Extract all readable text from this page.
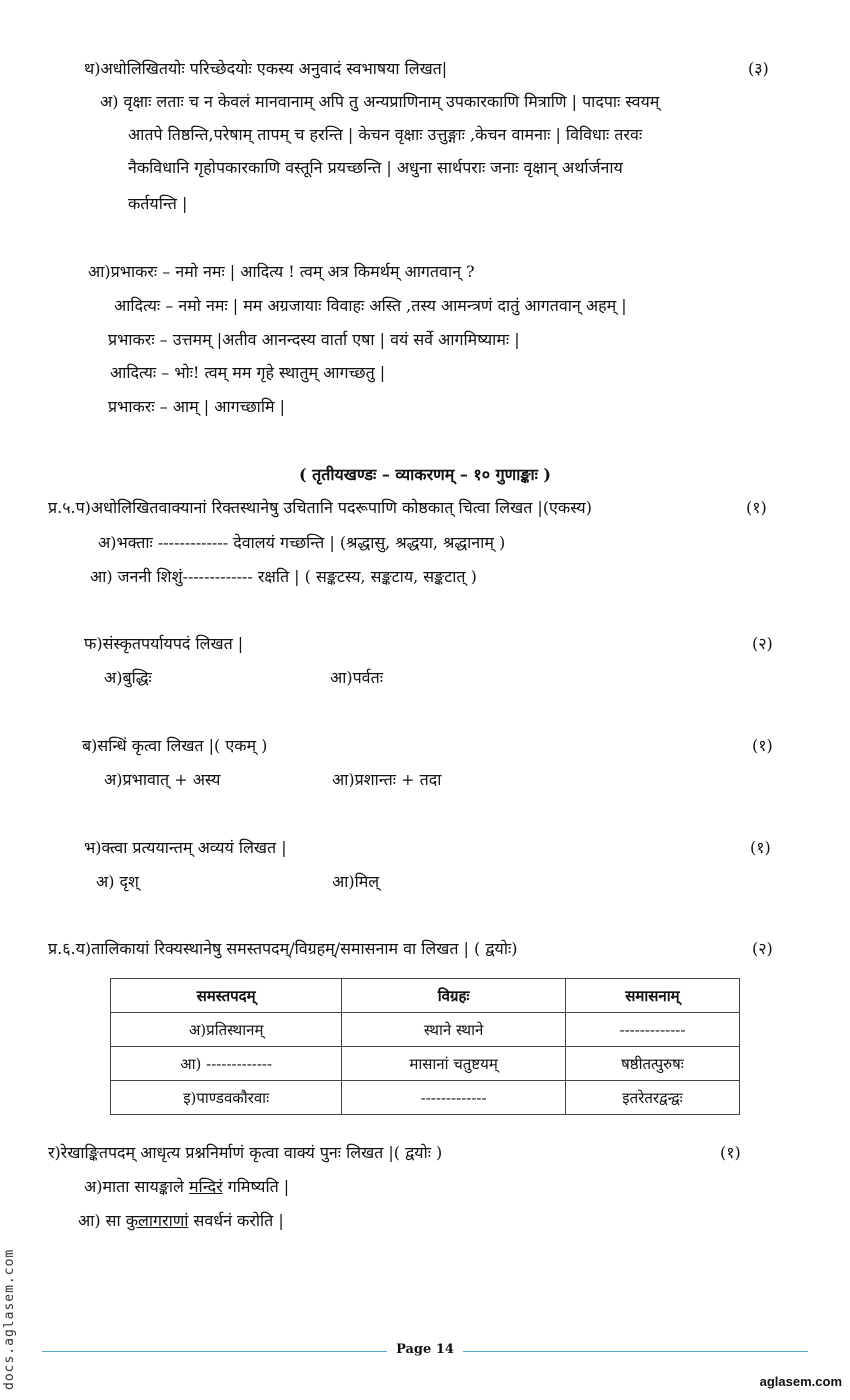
थ)अधोलिखितयोः परिच्छेदयोः एकस्य अनुवादं स्वभाषया लिखत|	(३)
अ) वृक्षाः लताः च न केवलं मानवानाम् अपि तु अन्यप्राणिनाम् उपकारकाणि मित्राणि | पादपाः स्वयम्
आतपे तिष्ठन्ति,परेषाम् तापम् च हरन्ति | केचन वृक्षाः उत्तुङ्गाः ,केचन वामनाः | विविधाः तरवः
नैकविधानि गृहोपकारकाणि वस्तूनि प्रयच्छन्ति | अधुना सार्थपराः जनाः वृक्षान् अर्थार्जनाय
कर्तयन्ति |
आ)प्रभाकरः – नमो नमः | आदित्य ! त्वम् अत्र किमर्थम् आगतवान् ?
आदित्यः – नमो नमः | मम अग्रजायाः विवाहः अस्ति ,तस्य आमन्त्रणं दातुं आगतवान् अहम् |
प्रभाकरः – उत्तमम् |अतीव आनन्दस्य वार्ता एषा | वयं सर्वे आगमिष्यामः |
आदित्यः – भोः! त्वम् मम गृहे स्थातुम् आगच्छतु |
प्रभाकरः – आम् | आगच्छामि |
( तृतीयखण्डः – व्याकरणम् – १० गुणाङ्काः )
प्र.५.प)अधोलिखितवाक्यानां रिक्तस्थानेषु उचितानि पदरूपाणि कोष्ठकात् चित्वा लिखत |(एकस्य)	(१)
अ)भक्ताः ------------- देवालयं गच्छन्ति | (श्रद्धासु, श्रद्धया, श्रद्धानाम् )
आ) जननी शिशुं------------- रक्षति | ( सङ्कटस्य, सङ्कटाय, सङ्कटात् )
फ)संस्कृतपर्यायपदं लिखत |	(२)
अ)बुद्धिः	आ)पर्वतः
ब)सन्धिं कृत्वा लिखत |( एकम् )	(१)
अ)प्रभावात् + अस्य	आ)प्रशान्तः + तदा
भ)क्त्वा प्रत्ययान्तम् अव्ययं लिखत |	(१)
अ) दृश्	आ)मिल्
प्र.६.य)तालिकायां रिक्यस्थानेषु समस्तपदम्/विग्रहम्/समासनाम वा लिखत | ( द्वयोः)	(२)
समस्तपदम्	विग्रहः	समासनाम्
अ)प्रतिस्थानम्	स्थाने स्थाने	-------------
आ) -------------	मासानां चतुष्टयम्	षष्ठीतत्पुरुषः
इ)पाण्डवकौरवाः	-------------	इतरेतरद्वन्द्वः
र)रेखाङ्कितपदम् आधृत्य प्रश्ननिर्माणं कृत्वा वाक्यं पुनः लिखत |( द्वयोः )	(१)
अ)माता सायङ्काले मन्दिरं गमिष्यति |
आ) सा कुलागराणां सवर्धनं करोति |
Page 14
aglasem.com
docs.aglasem.com
